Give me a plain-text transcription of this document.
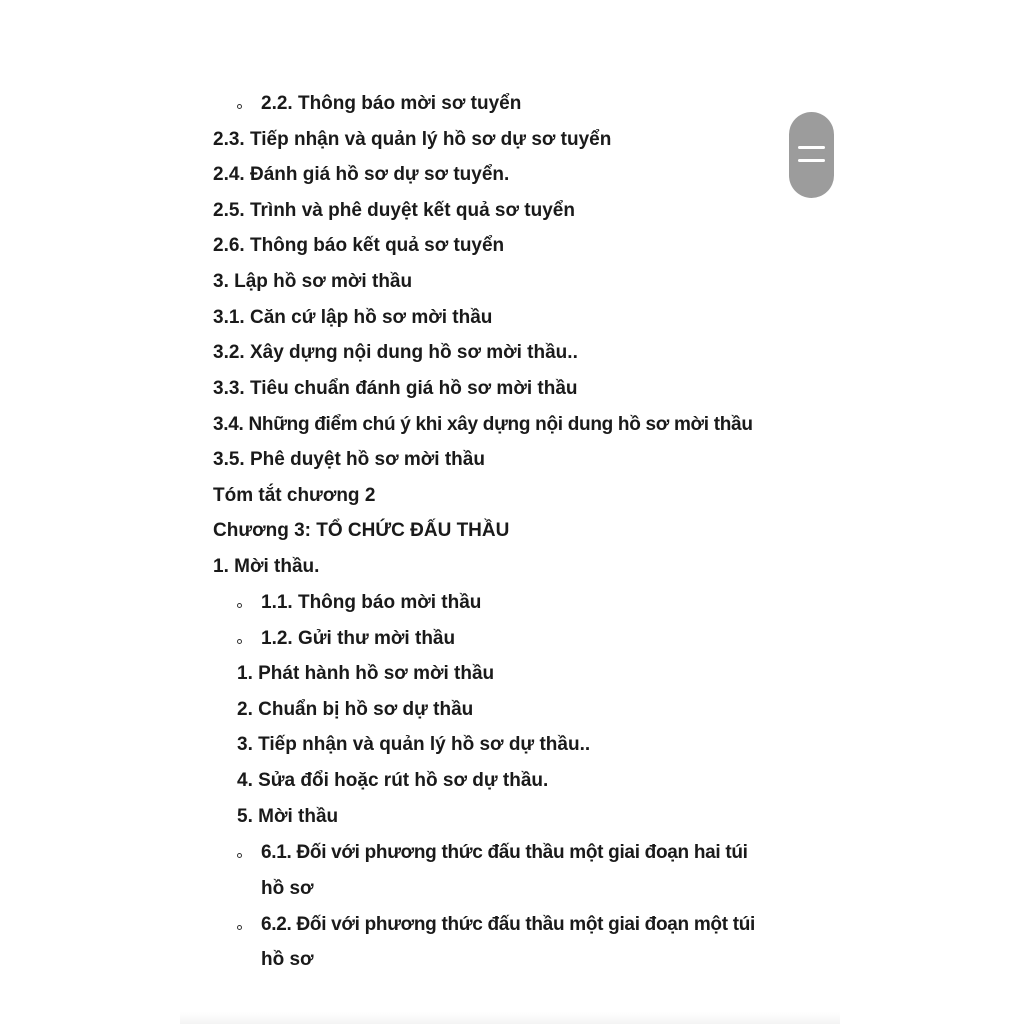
2.2. Thông báo mời sơ tuyển
2.3. Tiếp nhận và quản lý hồ sơ dự sơ tuyển
2.4. Đánh giá hồ sơ dự sơ tuyển.
2.5. Trình và phê duyệt kết quả sơ tuyển
2.6. Thông báo kết quả sơ tuyển
3. Lập hồ sơ mời thầu
3.1. Căn cứ lập hồ sơ mời thầu
3.2. Xây dựng nội dung hồ sơ mời thầu..
3.3. Tiêu chuẩn đánh giá hồ sơ mời thầu
3.4. Những điểm chú ý khi xây dựng nội dung hồ sơ mời thầu
3.5. Phê duyệt hồ sơ mời thầu
Tóm tắt chương 2
Chương 3: TỔ CHỨC ĐẤU THẦU
1. Mời thầu.
1.1. Thông báo mời thầu
1.2. Gửi thư mời thầu
1. Phát hành hồ sơ mời thầu
2. Chuẩn bị hồ sơ dự thầu
3. Tiếp nhận và quản lý hồ sơ dự thầu..
4. Sửa đổi hoặc rút hồ sơ dự thầu.
5. Mời thầu
6.1. Đối với phương thức đấu thầu một giai đoạn hai túi
hồ sơ
6.2. Đối với phương thức đấu thầu một giai đoạn một túi
hồ sơ
